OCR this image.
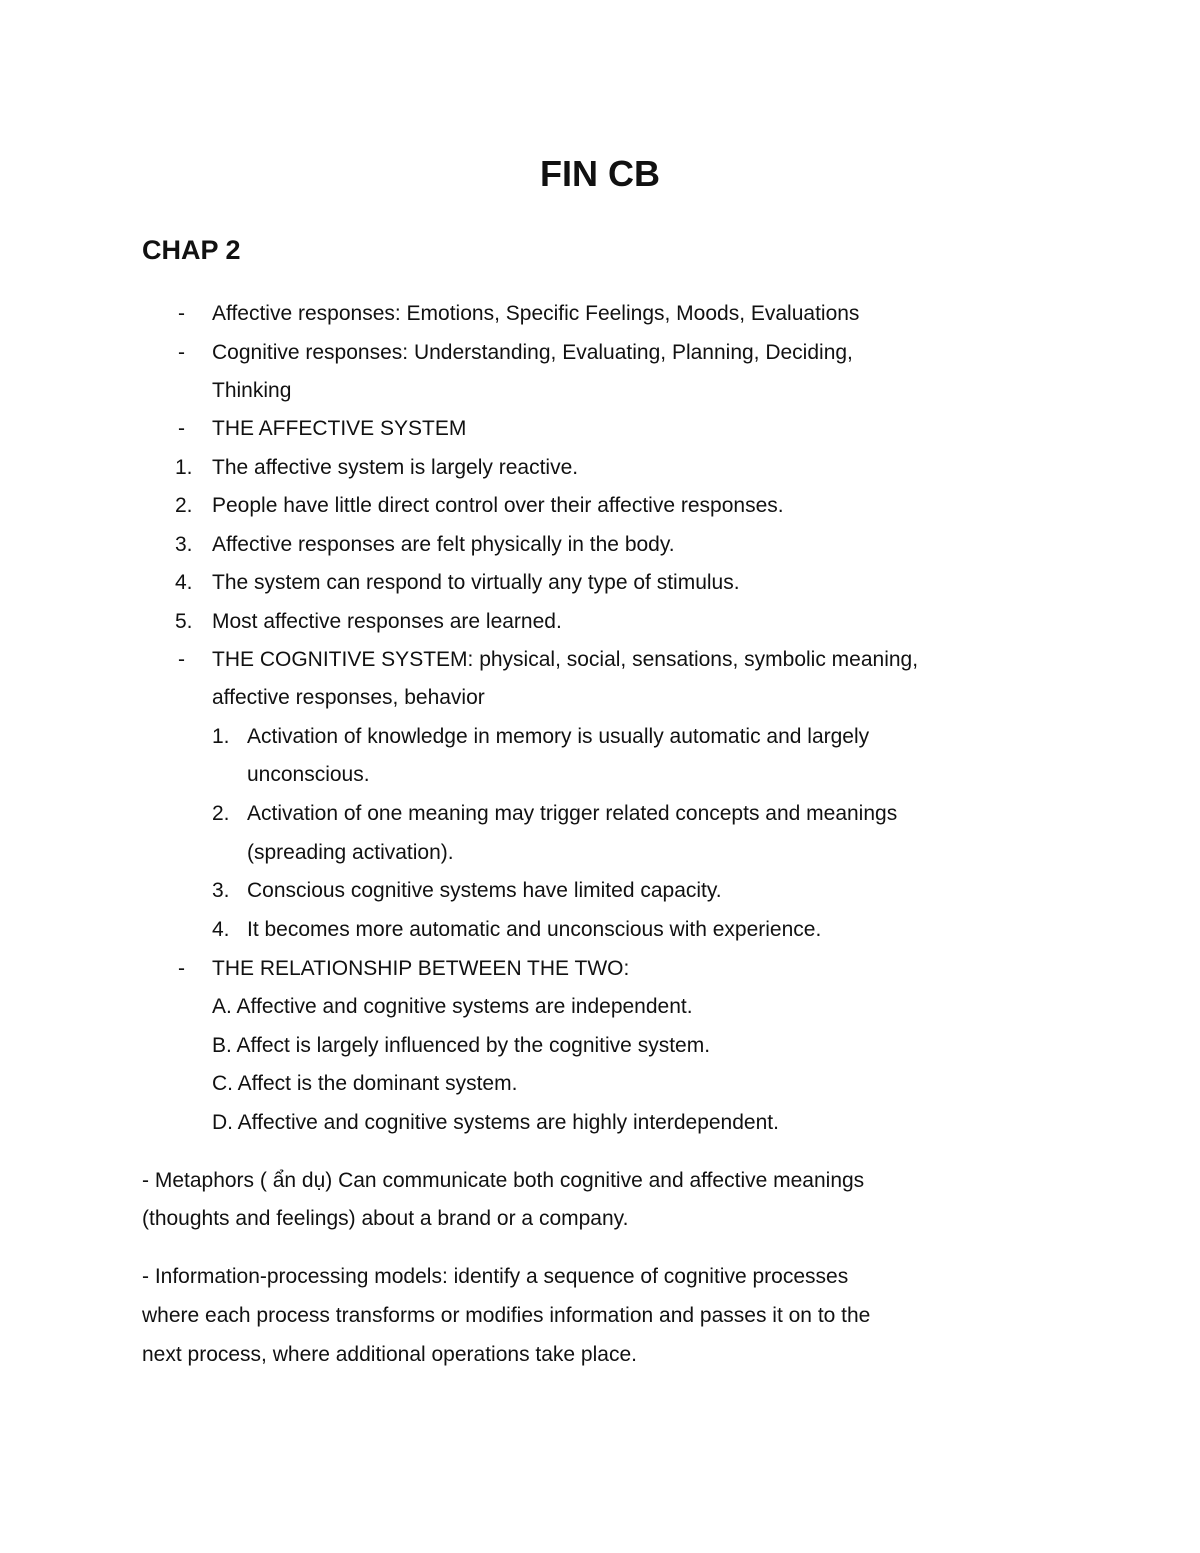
FIN CB
CHAP 2
- Affective responses: Emotions, Specific Feelings, Moods, Evaluations
- Cognitive responses: Understanding, Evaluating, Planning, Deciding,
Thinking
- THE AFFECTIVE SYSTEM
1. The affective system is largely reactive.
2. People have little direct control over their affective responses.
3. Affective responses are felt physically in the body.
4. The system can respond to virtually any type of stimulus.
5. Most affective responses are learned.
- THE COGNITIVE SYSTEM: physical, social, sensations, symbolic meaning,
affective responses, behavior
1. Activation of knowledge in memory is usually automatic and largely
unconscious.
2. Activation of one meaning may trigger related concepts and meanings
(spreading activation).
3. Conscious cognitive systems have limited capacity.
4. It becomes more automatic and unconscious with experience.
- THE RELATIONSHIP BETWEEN THE TWO:
A. Affective and cognitive systems are independent.
B. Affect is largely influenced by the cognitive system.
C. Affect is the dominant system.
D. Affective and cognitive systems are highly interdependent.
- Metaphors ( ẩn dụ) Can communicate both cognitive and affective meanings
(thoughts and feelings) about a brand or a company.
- Information-processing models: identify a sequence of cognitive processes
where each process transforms or modifies information and passes it on to the
next process, where additional operations take place.
